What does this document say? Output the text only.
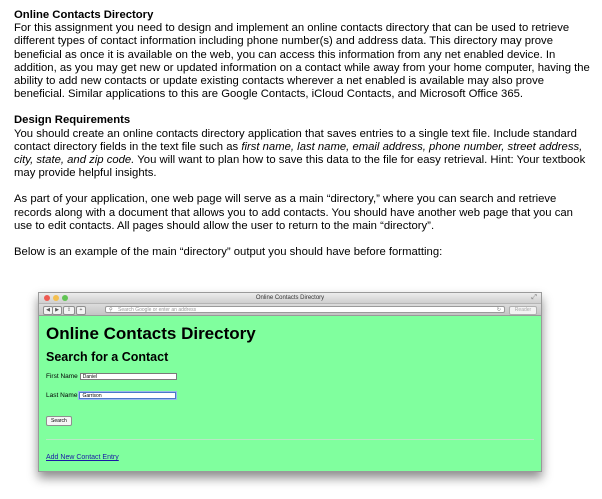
Online Contacts Directory

For this assignment you need to design and implement an online contacts directory that can be used to retrieve different types of contact information including phone number(s) and address data. This directory may prove beneficial as once it is available on the web, you can access this information from any net enabled device. In addition, as you may get new or updated information on a contact while away from your home computer, having the ability to add new contacts or update existing contacts wherever a net enabled is available may also prove beneficial. Similar applications to this are Google Contacts, iCloud Contacts, and Microsoft Office 365.

Design Requirements

You should create an online contacts directory application that saves entries to a single text file. Include standard contact directory fields in the text file such as first name, last name, email address, phone number, street address, city, state, and zip code. You will want to plan how to save this data to the file for easy retrieval. Hint: Your textbook may provide helpful insights.

As part of your application, one web page will serve as a main “directory,” where you can search and retrieve records along with a document that allows you to add contacts. You should have another web page that you can use to edit contacts. All pages should allow the user to return to the main “directory”.

Below is an example of the main “directory” output you should have before formatting:

Online Contacts Directory	⤢
◀	▶	⇪	+	⚲ Search Google or enter an address	↻	Reader
Online Contacts Directory
Search for a Contact
First Name	Daniel
Last Name	Garrison
Search
Add New Contact Entry
